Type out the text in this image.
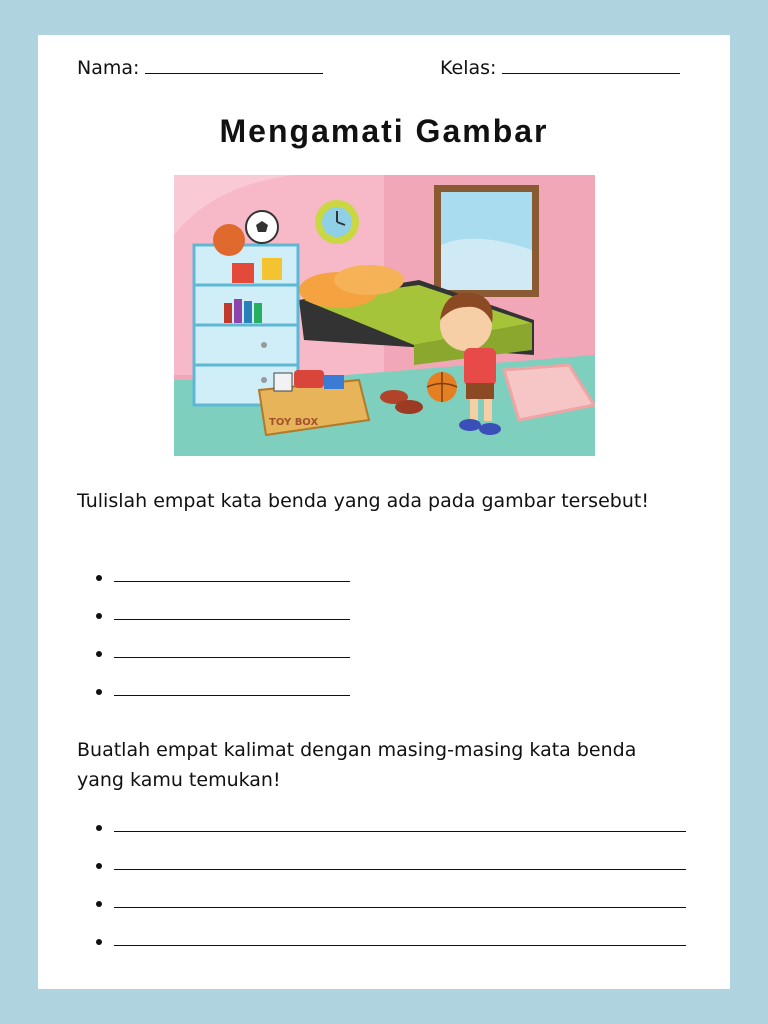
Nama:	Kelas:
Mengamati Gambar
TOY BOX
Tulislah empat kata benda yang ada pada gambar tersebut!
Buatlah empat kalimat dengan masing-masing kata benda yang kamu temukan!
